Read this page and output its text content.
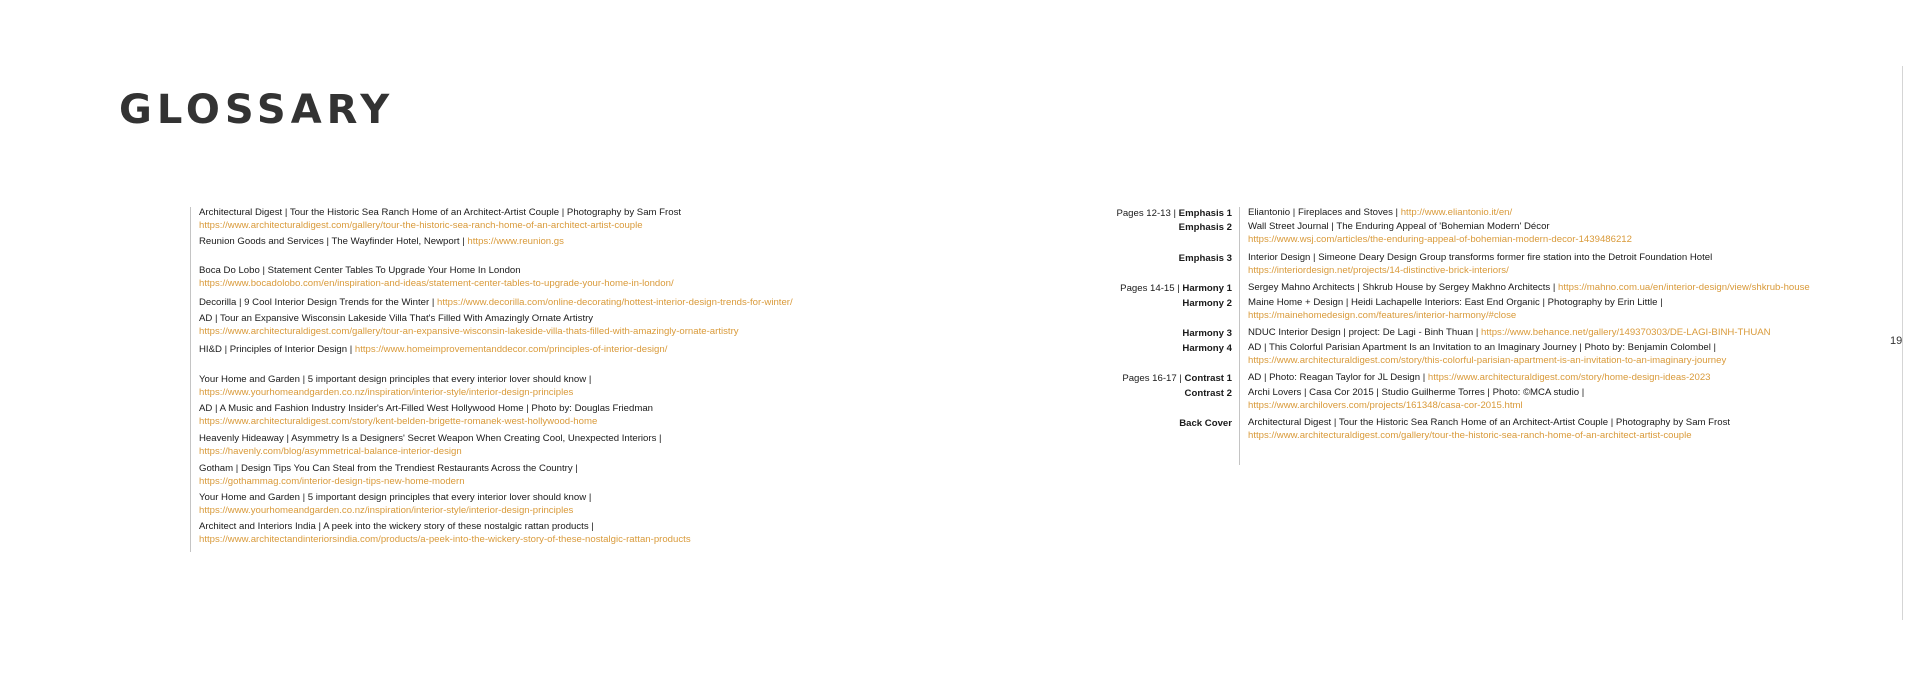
GLOSSARY
Architectural Digest | Tour the Historic Sea Ranch Home of an Architect-Artist Couple | Photography by Sam Frost
https://www.architecturaldigest.com/gallery/tour-the-historic-sea-ranch-home-of-an-architect-artist-couple
Reunion Goods and Services | The Wayfinder Hotel, Newport | https://www.reunion.gs
Boca Do Lobo | Statement Center Tables To Upgrade Your Home In London
https://www.bocadolobo.com/en/inspiration-and-ideas/statement-center-tables-to-upgrade-your-home-in-london/
Decorilla | 9 Cool Interior Design Trends for the Winter | https://www.decorilla.com/online-decorating/hottest-interior-design-trends-for-winter/
AD | Tour an Expansive Wisconsin Lakeside Villa That's Filled With Amazingly Ornate Artistry
https://www.architecturaldigest.com/gallery/tour-an-expansive-wisconsin-lakeside-villa-thats-filled-with-amazingly-ornate-artistry
HI&D | Principles of Interior Design | https://www.homeimprovementanddecor.com/principles-of-interior-design/
Your Home and Garden | 5 important design principles that every interior lover should know |
https://www.yourhomeandgarden.co.nz/inspiration/interior-style/interior-design-principles
AD | A Music and Fashion Industry Insider's Art-Filled West Hollywood Home | Photo by: Douglas Friedman
https://www.architecturaldigest.com/story/kent-belden-brigette-romanek-west-hollywood-home
Heavenly Hideaway | Asymmetry Is a Designers' Secret Weapon When Creating Cool, Unexpected Interiors |
https://havenly.com/blog/asymmetrical-balance-interior-design
Gotham | Design Tips You Can Steal from the Trendiest Restaurants Across the Country |
https://gothammag.com/interior-design-tips-new-home-modern
Your Home and Garden | 5 important design principles that every interior lover should know |
https://www.yourhomeandgarden.co.nz/inspiration/interior-style/interior-design-principles
Architect and Interiors India | A peek into the wickery story of these nostalgic rattan products |
https://www.architectandinteriorsindia.com/products/a-peek-into-the-wickery-story-of-these-nostalgic-rattan-products
Pages 12-13 | Emphasis 1 Eliantonio | Fireplaces and Stoves | http://www.eliantonio.it/en/
Emphasis 2 Wall Street Journal | The Enduring Appeal of 'Bohemian Modern' Décor
https://www.wsj.com/articles/the-enduring-appeal-of-bohemian-modern-decor-1439486212
Emphasis 3 Interior Design | Simeone Deary Design Group transforms former fire station into the Detroit Foundation Hotel
https://interiordesign.net/projects/14-distinctive-brick-interiors/
Pages 14-15 | Harmony 1 Sergey Mahno Architects | Shkrub House by Sergey Makhno Architects | https://mahno.com.ua/en/interior-design/view/shkrub-house
Harmony 2 Maine Home + Design | Heidi Lachapelle Interiors: East End Organic | Photography by Erin Little |
https://mainehomedesign.com/features/interior-harmony/#close
Harmony 3 NDUC Interior Design | project: De Lagi - Binh Thuan | https://www.behance.net/gallery/149370303/DE-LAGI-BINH-THUAN
Harmony 4 AD | This Colorful Parisian Apartment Is an Invitation to an Imaginary Journey | Photo by: Benjamin Colombel |
https://www.architecturaldigest.com/story/this-colorful-parisian-apartment-is-an-invitation-to-an-imaginary-journey
Pages 16-17 | Contrast 1 AD | Photo: Reagan Taylor for JL Design | https://www.architecturaldigest.com/story/home-design-ideas-2023
Contrast 2 Archi Lovers | Casa Cor 2015 | Studio Guilherme Torres | Photo: ©MCA studio |
https://www.archilovers.com/projects/161348/casa-cor-2015.html
Back Cover Architectural Digest | Tour the Historic Sea Ranch Home of an Architect-Artist Couple | Photography by Sam Frost
https://www.architecturaldigest.com/gallery/tour-the-historic-sea-ranch-home-of-an-architect-artist-couple
19
